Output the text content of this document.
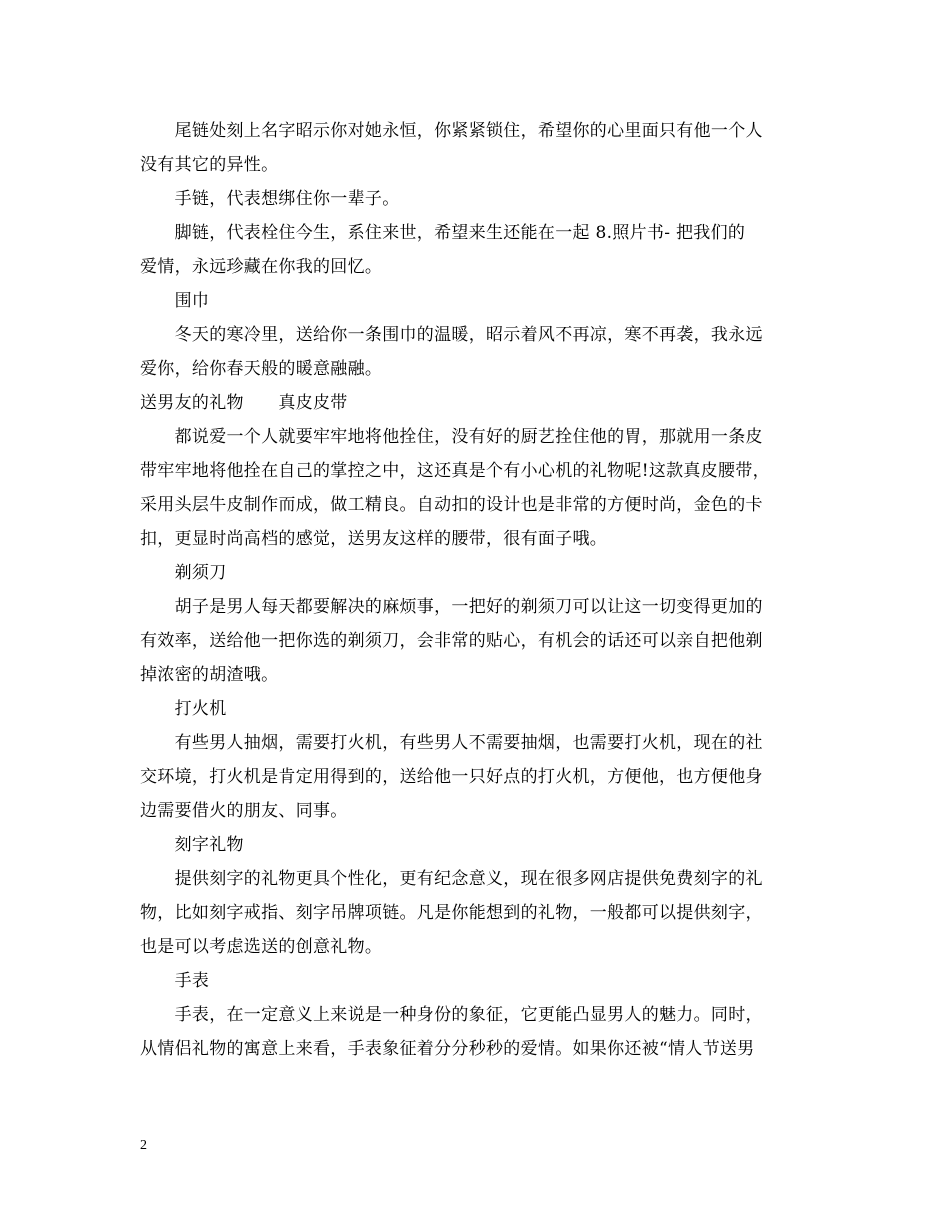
　　尾链处刻上名字昭示你对她永恒，你紧紧锁住，希望你的心里面只有他一个人
没有其它的异性。
　　手链，代表想绑住你一辈子。
　　脚链，代表栓住今生，系住来世，希望来生还能在一起 8.照片书- 把我们的
爱情，永远珍藏在你我的回忆。
　　围巾
　　冬天的寒冷里，送给你一条围巾的温暖，昭示着风不再凉，寒不再袭，我永远
爱你，给你春天般的暖意融融。
送男友的礼物　　真皮皮带
　　都说爱一个人就要牢牢地将他拴住，没有好的厨艺拴住他的胃，那就用一条皮
带牢牢地将他拴在自己的掌控之中，这还真是个有小心机的礼物呢!这款真皮腰带，
采用头层牛皮制作而成，做工精良。自动扣的设计也是非常的方便时尚，金色的卡
扣，更显时尚高档的感觉，送男友这样的腰带，很有面子哦。
　　剃须刀
　　胡子是男人每天都要解决的麻烦事，一把好的剃须刀可以让这一切变得更加的
有效率，送给他一把你选的剃须刀，会非常的贴心，有机会的话还可以亲自把他剃
掉浓密的胡渣哦。
　　打火机
　　有些男人抽烟，需要打火机，有些男人不需要抽烟，也需要打火机，现在的社
交环境，打火机是肯定用得到的，送给他一只好点的打火机，方便他，也方便他身
边需要借火的朋友、同事。
　　刻字礼物
　　提供刻字的礼物更具个性化，更有纪念意义，现在很多网店提供免费刻字的礼
物，比如刻字戒指、刻字吊牌项链。凡是你能想到的礼物，一般都可以提供刻字，
也是可以考虑选送的创意礼物。
　　手表
　　手表，在一定意义上来说是一种身份的象征，它更能凸显男人的魅力。同时，
从情侣礼物的寓意上来看，手表象征着分分秒秒的爱情。如果你还被“情人节送男
2
